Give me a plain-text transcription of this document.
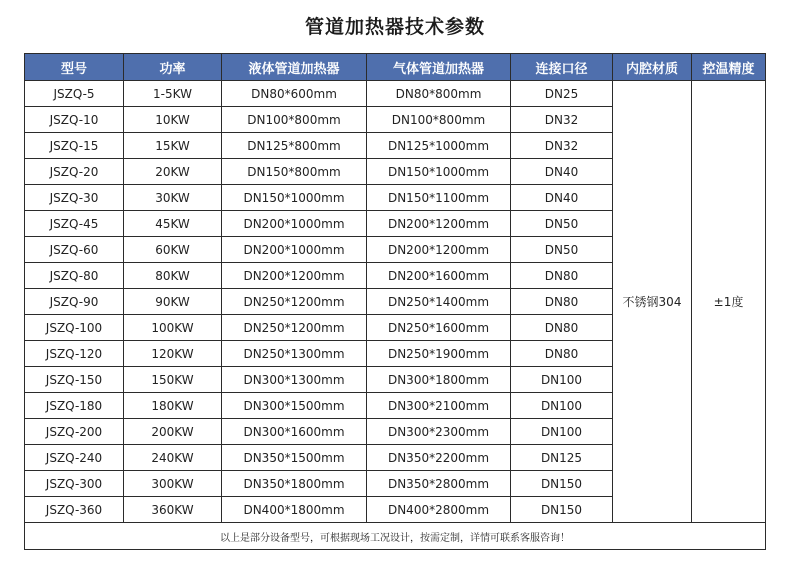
管道加热器技术参数
型号	功率	液体管道加热器	气体管道加热器	连接口径	内腔材质	控温精度
JSZQ-5	1-5KW	DN80*600mm	DN80*800mm	DN25	不锈钢304	±1度
JSZQ-10	10KW	DN100*800mm	DN100*800mm	DN32		
JSZQ-15	15KW	DN125*800mm	DN125*1000mm	DN32		
JSZQ-20	20KW	DN150*800mm	DN150*1000mm	DN40		
JSZQ-30	30KW	DN150*1000mm	DN150*1100mm	DN40		
JSZQ-45	45KW	DN200*1000mm	DN200*1200mm	DN50		
JSZQ-60	60KW	DN200*1000mm	DN200*1200mm	DN50		
JSZQ-80	80KW	DN200*1200mm	DN200*1600mm	DN80		
JSZQ-90	90KW	DN250*1200mm	DN250*1400mm	DN80		
JSZQ-100	100KW	DN250*1200mm	DN250*1600mm	DN80		
JSZQ-120	120KW	DN250*1300mm	DN250*1900mm	DN80		
JSZQ-150	150KW	DN300*1300mm	DN300*1800mm	DN100		
JSZQ-180	180KW	DN300*1500mm	DN300*2100mm	DN100		
JSZQ-200	200KW	DN300*1600mm	DN300*2300mm	DN100		
JSZQ-240	240KW	DN350*1500mm	DN350*2200mm	DN125		
JSZQ-300	300KW	DN350*1800mm	DN350*2800mm	DN150		
JSZQ-360	360KW	DN400*1800mm	DN400*2800mm	DN150		
以上是部分设备型号，可根据现场工况设计，按需定制，详情可联系客服咨询！						
